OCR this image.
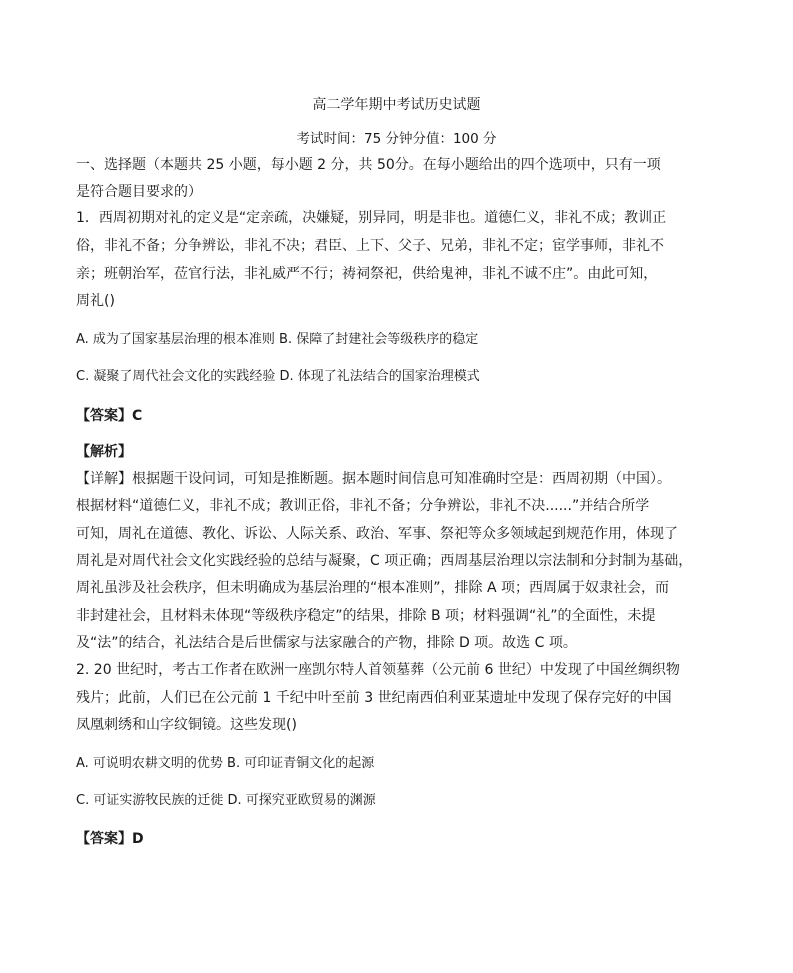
高二学年期中考试历史试题
考试时间：75 分钟分值：100 分
一、选择题（本题共 25 小题，每小题 2 分，共 50分。在每小题给出的四个选项中，只有一项
是符合题目要求的）
1．西周初期对礼的定义是“定亲疏，决嫌疑，别异同，明是非也。道德仁义，非礼不成；教训正
俗，非礼不备；分争辨讼，非礼不决；君臣、上下、父子、兄弟，非礼不定；宦学事师，非礼不
亲；班朝治军，莅官行法，非礼威严不行；祷祠祭祀，供给鬼神，非礼不诚不庄”。由此可知，
周礼()
A. 成为了国家基层治理的根本准则 B. 保障了封建社会等级秩序的稳定
C. 凝聚了周代社会文化的实践经验 D. 体现了礼法结合的国家治理模式
【答案】C
【解析】
【详解】根据题干设问词，可知是推断题。据本题时间信息可知准确时空是：西周初期（中国）。
根据材料“道德仁义，非礼不成；教训正俗，非礼不备；分争辨讼，非礼不决......”并结合所学
可知，周礼在道德、教化、诉讼、人际关系、政治、军事、祭祀等众多领域起到规范作用，体现了
周礼是对周代社会文化实践经验的总结与凝聚，C 项正确；西周基层治理以宗法制和分封制为基础，
周礼虽涉及社会秩序，但未明确成为基层治理的“根本准则”，排除 A 项；西周属于奴隶社会，而
非封建社会，且材料未体现“等级秩序稳定”的结果，排除 B 项；材料强调“礼”的全面性，未提
及“法”的结合，礼法结合是后世儒家与法家融合的产物，排除 D 项。故选 C 项。
2. 20 世纪时，考古工作者在欧洲一座凯尔特人首领墓葬（公元前 6 世纪）中发现了中国丝绸织物
残片；此前，人们已在公元前 1 千纪中叶至前 3 世纪南西伯利亚某遗址中发现了保存完好的中国
凤凰刺绣和山字纹铜镜。这些发现()
A. 可说明农耕文明的优势 B. 可印证青铜文化的起源
C. 可证实游牧民族的迁徙 D. 可探究亚欧贸易的渊源
【答案】D
